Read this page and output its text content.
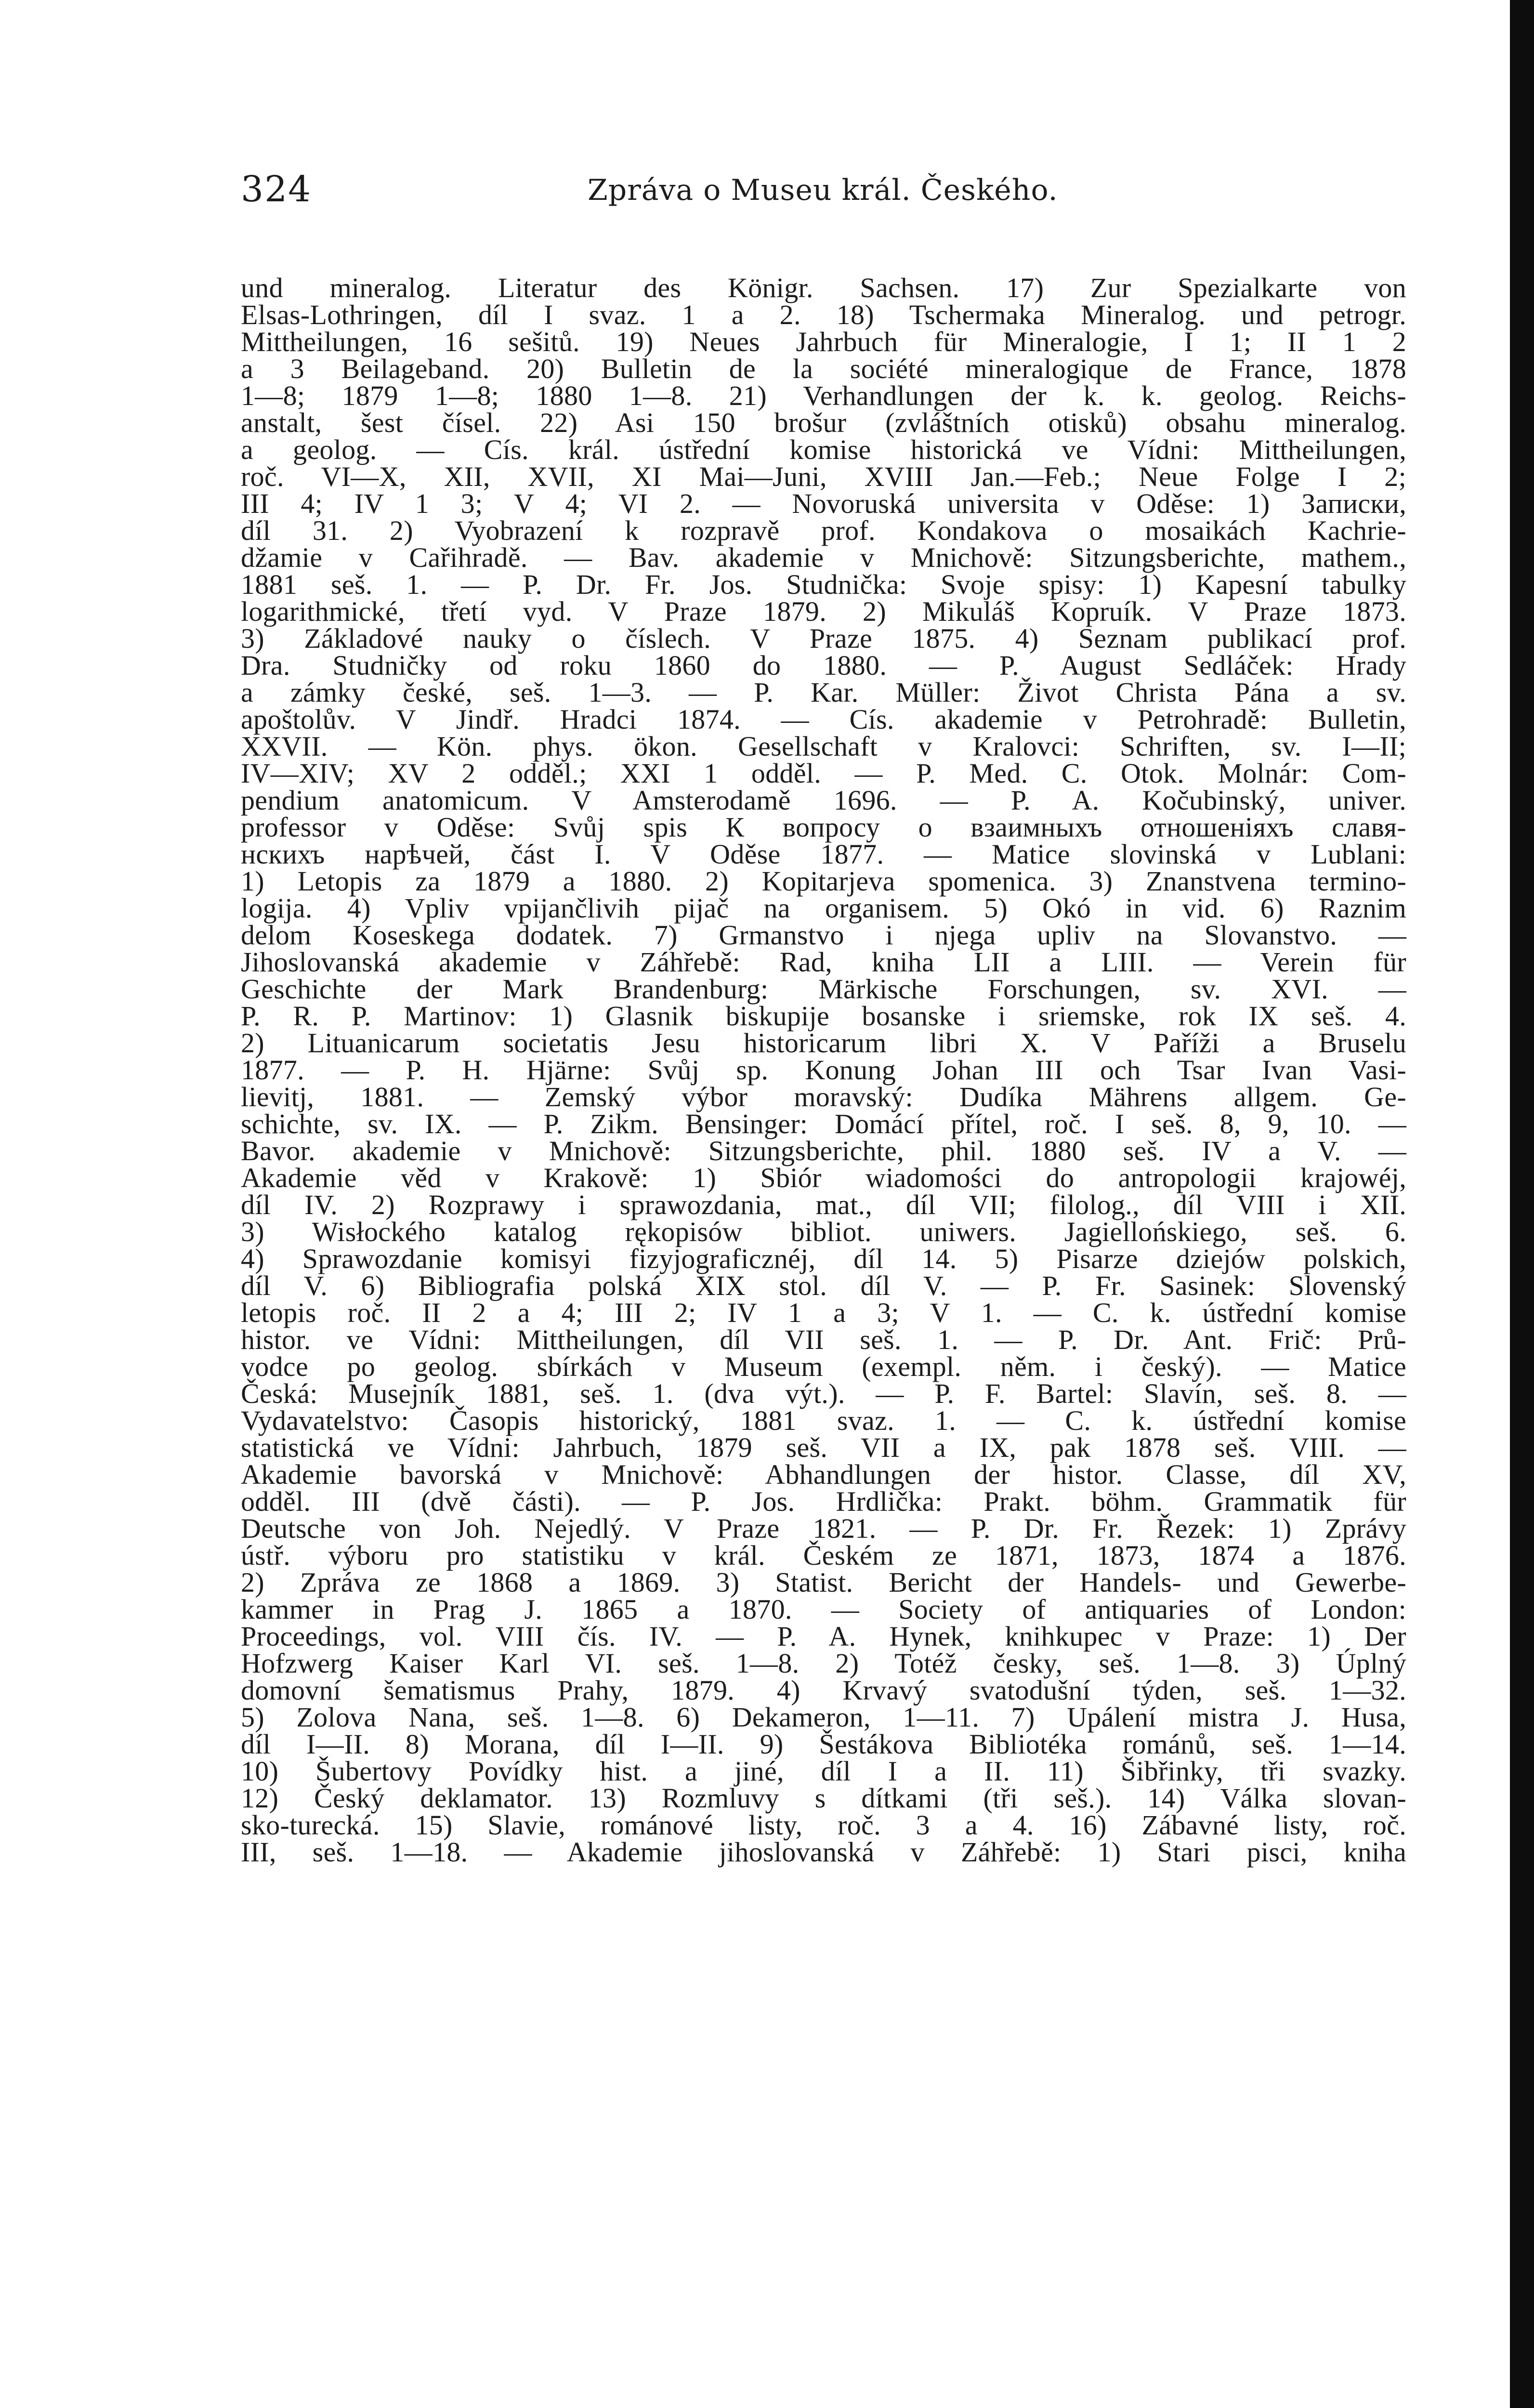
324	Zpráva o Museu král. Českého.
und mineralog. Literatur des Königr. Sachsen. 17) Zur Spezialkarte von
Elsas-Lothringen, díl I svaz. 1 a 2. 18) Tschermaka Mineralog. und petrogr.
Mittheilungen, 16 sešitů. 19) Neues Jahrbuch für Mineralogie, I 1; II 1 2
a 3 Beilageband. 20) Bulletin de la société mineralogique de France, 1878
1—8; 1879 1—8; 1880 1—8. 21) Verhandlungen der k. k. geolog. Reichs-
anstalt, šest čísel. 22) Asi 150 brošur (zvláštních otisků) obsahu mineralog.
a geolog. — Cís. král. ústřední komise historická ve Vídni: Mittheilungen,
roč. VI—X, XII, XVII, XI Mai—Juni, XVIII Jan.—Feb.; Neue Folge I 2;
III 4; IV 1 3; V 4; VI 2. — Novoruská universita v Oděse: 1) Записки,
díl 31. 2) Vyobrazení k rozpravě prof. Kondakova o mosaikách Kachrie-
džamie v Cařihradě. — Bav. akademie v Mnichově: Sitzungsberichte, mathem.,
1881 seš. 1. — P. Dr. Fr. Jos. Studnička: Svoje spisy: 1) Kapesní tabulky
logarithmické, třetí vyd. V Praze 1879. 2) Mikuláš Kopruík. V Praze 1873.
3) Základové nauky o číslech. V Praze 1875. 4) Seznam publikací prof.
Dra. Studničky od roku 1860 do 1880. — P. August Sedláček: Hrady
a zámky české, seš. 1—3. — P. Kar. Müller: Život Christa Pána a sv.
apoštolův. V Jindř. Hradci 1874. — Cís. akademie v Petrohradě: Bulletin,
XXVII. — Kön. phys. ökon. Gesellschaft v Kralovci: Schriften, sv. I—II;
IV—XIV; XV 2 odděl.; XXI 1 odděl. — P. Med. C. Otok. Molnár: Com-
pendium anatomicum. V Amsterodamě 1696. — P. A. Kočubinský, univer.
professor v Oděse: Svůj spis К вопросу о взаимныхъ отношенiяхъ славя-
нскихъ нарѣчей, část I. V Oděse 1877. — Matice slovinská v Lublani:
1) Letopis za 1879 a 1880. 2) Kopitarjeva spomenica. 3) Znanstvena termino-
logija. 4) Vpliv vpijančlivih pijač na organisem. 5) Okó in vid. 6) Raznim
delom Koseskega dodatek. 7) Grmanstvo i njega upliv na Slovanstvo. —
Jihoslovanská akademie v Záhřebě: Rad, kniha LII a LIII. — Verein für
Geschichte der Mark Brandenburg: Märkische Forschungen, sv. XVI. —
P. R. P. Martinov: 1) Glasnik biskupije bosanske i sriemske, rok IX seš. 4.
2) Lituanicarum societatis Jesu historicarum libri X. V Paříži a Bruselu
1877. — P. H. Hjärne: Svůj sp. Konung Johan III och Tsar Ivan Vasi-
lievitj, 1881. — Zemský výbor moravský: Dudíka Mährens allgem. Ge-
schichte, sv. IX. — P. Zikm. Bensinger: Domácí přítel, roč. I seš. 8, 9, 10. —
Bavor. akademie v Mnichově: Sitzungsberichte, phil. 1880 seš. IV a V. —
Akademie věd v Krakově: 1) Sbiór wiadomości do antropologii krajowéj,
díl IV. 2) Rozprawy i sprawozdania, mat., díl VII; filolog., díl VIII i XII.
3) Wisłockého katalog rękopisów bibliot. uniwers. Jagiellońskiego, seš. 6.
4) Sprawozdanie komisyi fizyjograficznéj, díl 14. 5) Pisarze dziejów polskich,
díl V. 6) Bibliografia polská XIX stol. díl V. — P. Fr. Sasinek: Slovenský
letopis roč. II 2 a 4; III 2; IV 1 a 3; V 1. — C. k. ústřední komise
histor. ve Vídni: Mittheilungen, díl VII seš. 1. — P. Dr. Ant. Frič: Prů-
vodce po geolog. sbírkách v Museum (exempl. něm. i český). — Matice
Česká: Musejník 1881, seš. 1. (dva výt.). — P. F. Bartel: Slavín, seš. 8. —
Vydavatelstvo: Časopis historický, 1881 svaz. 1. — C. k. ústřední komise
statistická ve Vídni: Jahrbuch, 1879 seš. VII a IX, pak 1878 seš. VIII. —
Akademie bavorská v Mnichově: Abhandlungen der histor. Classe, díl XV,
odděl. III (dvě části). — P. Jos. Hrdlička: Prakt. böhm. Grammatik für
Deutsche von Joh. Nejedlý. V Praze 1821. — P. Dr. Fr. Řezek: 1) Zprávy
ústř. výboru pro statistiku v král. Českém ze 1871, 1873, 1874 a 1876.
2) Zpráva ze 1868 a 1869. 3) Statist. Bericht der Handels- und Gewerbe-
kammer in Prag J. 1865 a 1870. — Society of antiquaries of London:
Proceedings, vol. VIII čís. IV. — P. A. Hynek, knihkupec v Praze: 1) Der
Hofzwerg Kaiser Karl VI. seš. 1—8. 2) Totéž česky, seš. 1—8. 3) Úplný
domovní šematismus Prahy, 1879. 4) Krvavý svatodušní týden, seš. 1—32.
5) Zolova Nana, seš. 1—8. 6) Dekameron, 1—11. 7) Upálení mistra J. Husa,
díl I—II. 8) Morana, díl I—II. 9) Šestákova Bibliotéka románů, seš. 1—14.
10) Šubertovy Povídky hist. a jiné, díl I a II. 11) Šibřinky, tři svazky.
12) Český deklamator. 13) Rozmluvy s dítkami (tři seš.). 14) Válka slovan-
sko-turecká. 15) Slavie, románové listy, roč. 3 a 4. 16) Zábavné listy, roč.
III, seš. 1—18. — Akademie jihoslovanská v Záhřebě: 1) Stari pisci, kniha
